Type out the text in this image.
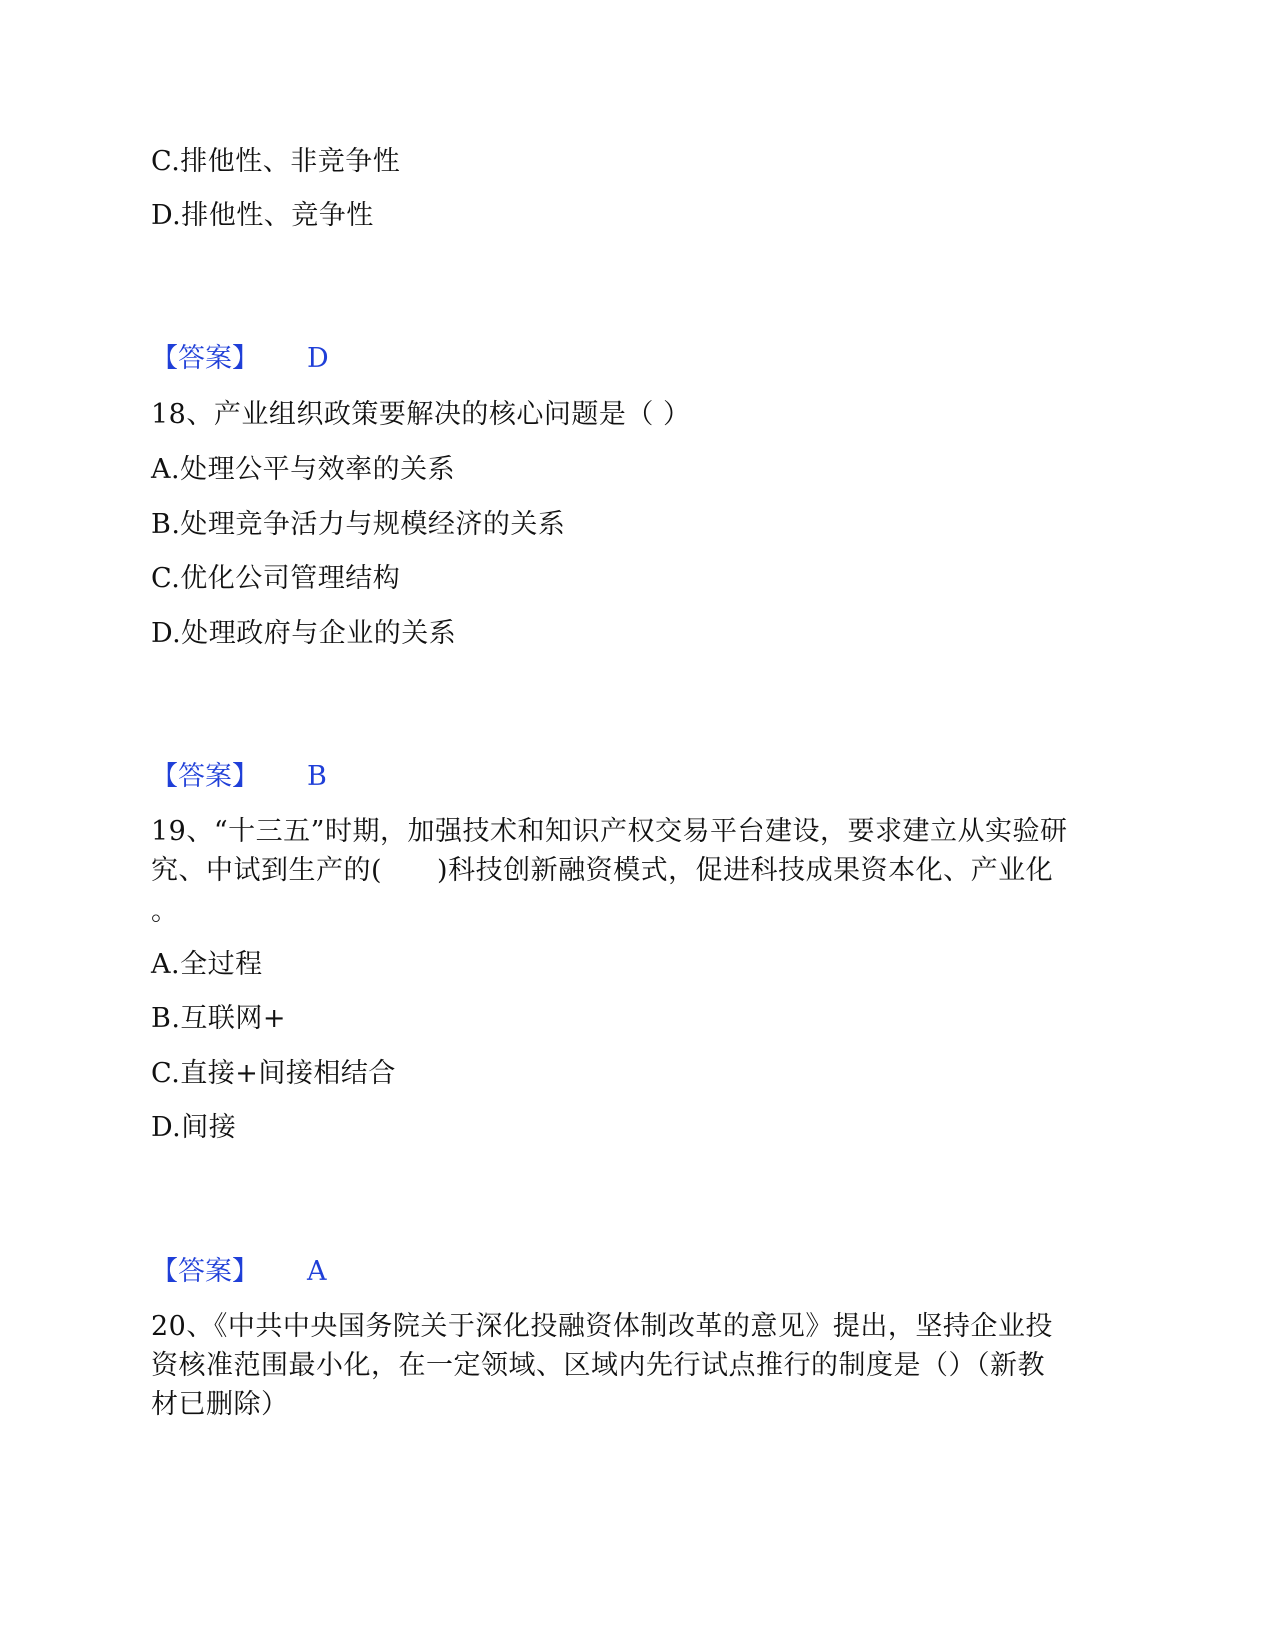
C.排他性、非竞争性
D.排他性、竞争性
【答案】 D
18、产业组织政策要解决的核心问题是（ ）
A.处理公平与效率的关系
B.处理竞争活力与规模经济的关系
C.优化公司管理结构
D.处理政府与企业的关系
【答案】 B
19、“十三五”时期，加强技术和知识产权交易平台建设，要求建立从实验研
究、中试到生产的(　　)科技创新融资模式，促进科技成果资本化、产业化
。
A.全过程
B.互联网+
C.直接+间接相结合
D.间接
【答案】 A
20、《中共中央国务院关于深化投融资体制改革的意见》提出，坚持企业投
资核准范围最小化，在一定领域、区域内先行试点推行的制度是（）（新教
材已删除）
